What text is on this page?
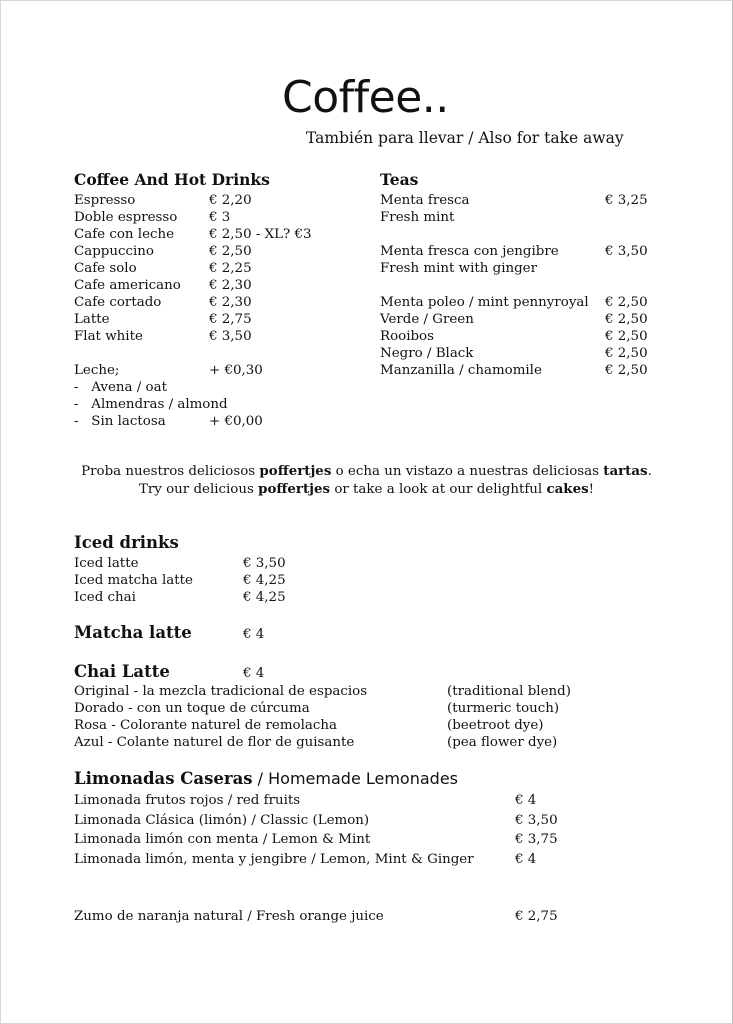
Coffee..
También para llevar / Also for take away
Coffee And Hot Drinks
Espresso	€ 2,20
Doble espresso € 3
Cafe con leche	€ 2,50 - XL? €3
Cappuccino	€ 2,50
Cafe solo	€ 2,25
Cafe americano € 2,30
Cafe cortado	€ 2,30
Latte	€ 2,75
Flat white	€ 3,50
Leche;	+ €0,30
-   Avena / oat
-   Almendras / almond
-   Sin lactosa	+ €0,00
Teas
Menta fresca	€ 3,25
Fresh mint
Menta fresca con jengibre	€ 3,50
Fresh mint with ginger
Menta poleo / mint pennyroyal € 2,50
Verde / Green	€ 2,50
Rooibos	€ 2,50
Negro / Black	€ 2,50
Manzanilla / chamomile	€ 2,50
Proba nuestros deliciosos poffertjes o echa un vistazo a nuestras deliciosas tartas.
Try our delicious poffertjes or take a look at our delightful cakes!
Iced drinks
Iced latte	€ 3,50
Iced matcha latte	€ 4,25
Iced chai	€ 4,25
Matcha latte	€ 4
Chai Latte	€ 4
Original - la mezcla tradicional de espacios	(traditional blend)
Dorado - con un toque de cúrcuma	(turmeric touch)
Rosa - Colorante naturel de remolacha	(beetroot dye)
Azul - Colante naturel de flor de guisante	(pea flower dye)
Limonadas Caseras / Homemade Lemonades
Limonada frutos rojos / red fruits	€ 4
Limonada Clásica (limón) / Classic (Lemon)	€ 3,50
Limonada limón con menta / Lemon & Mint	€ 3,75
Limonada limón, menta y jengibre / Lemon, Mint & Ginger	€ 4
Zumo de naranja natural / Fresh orange juice	€ 2,75
